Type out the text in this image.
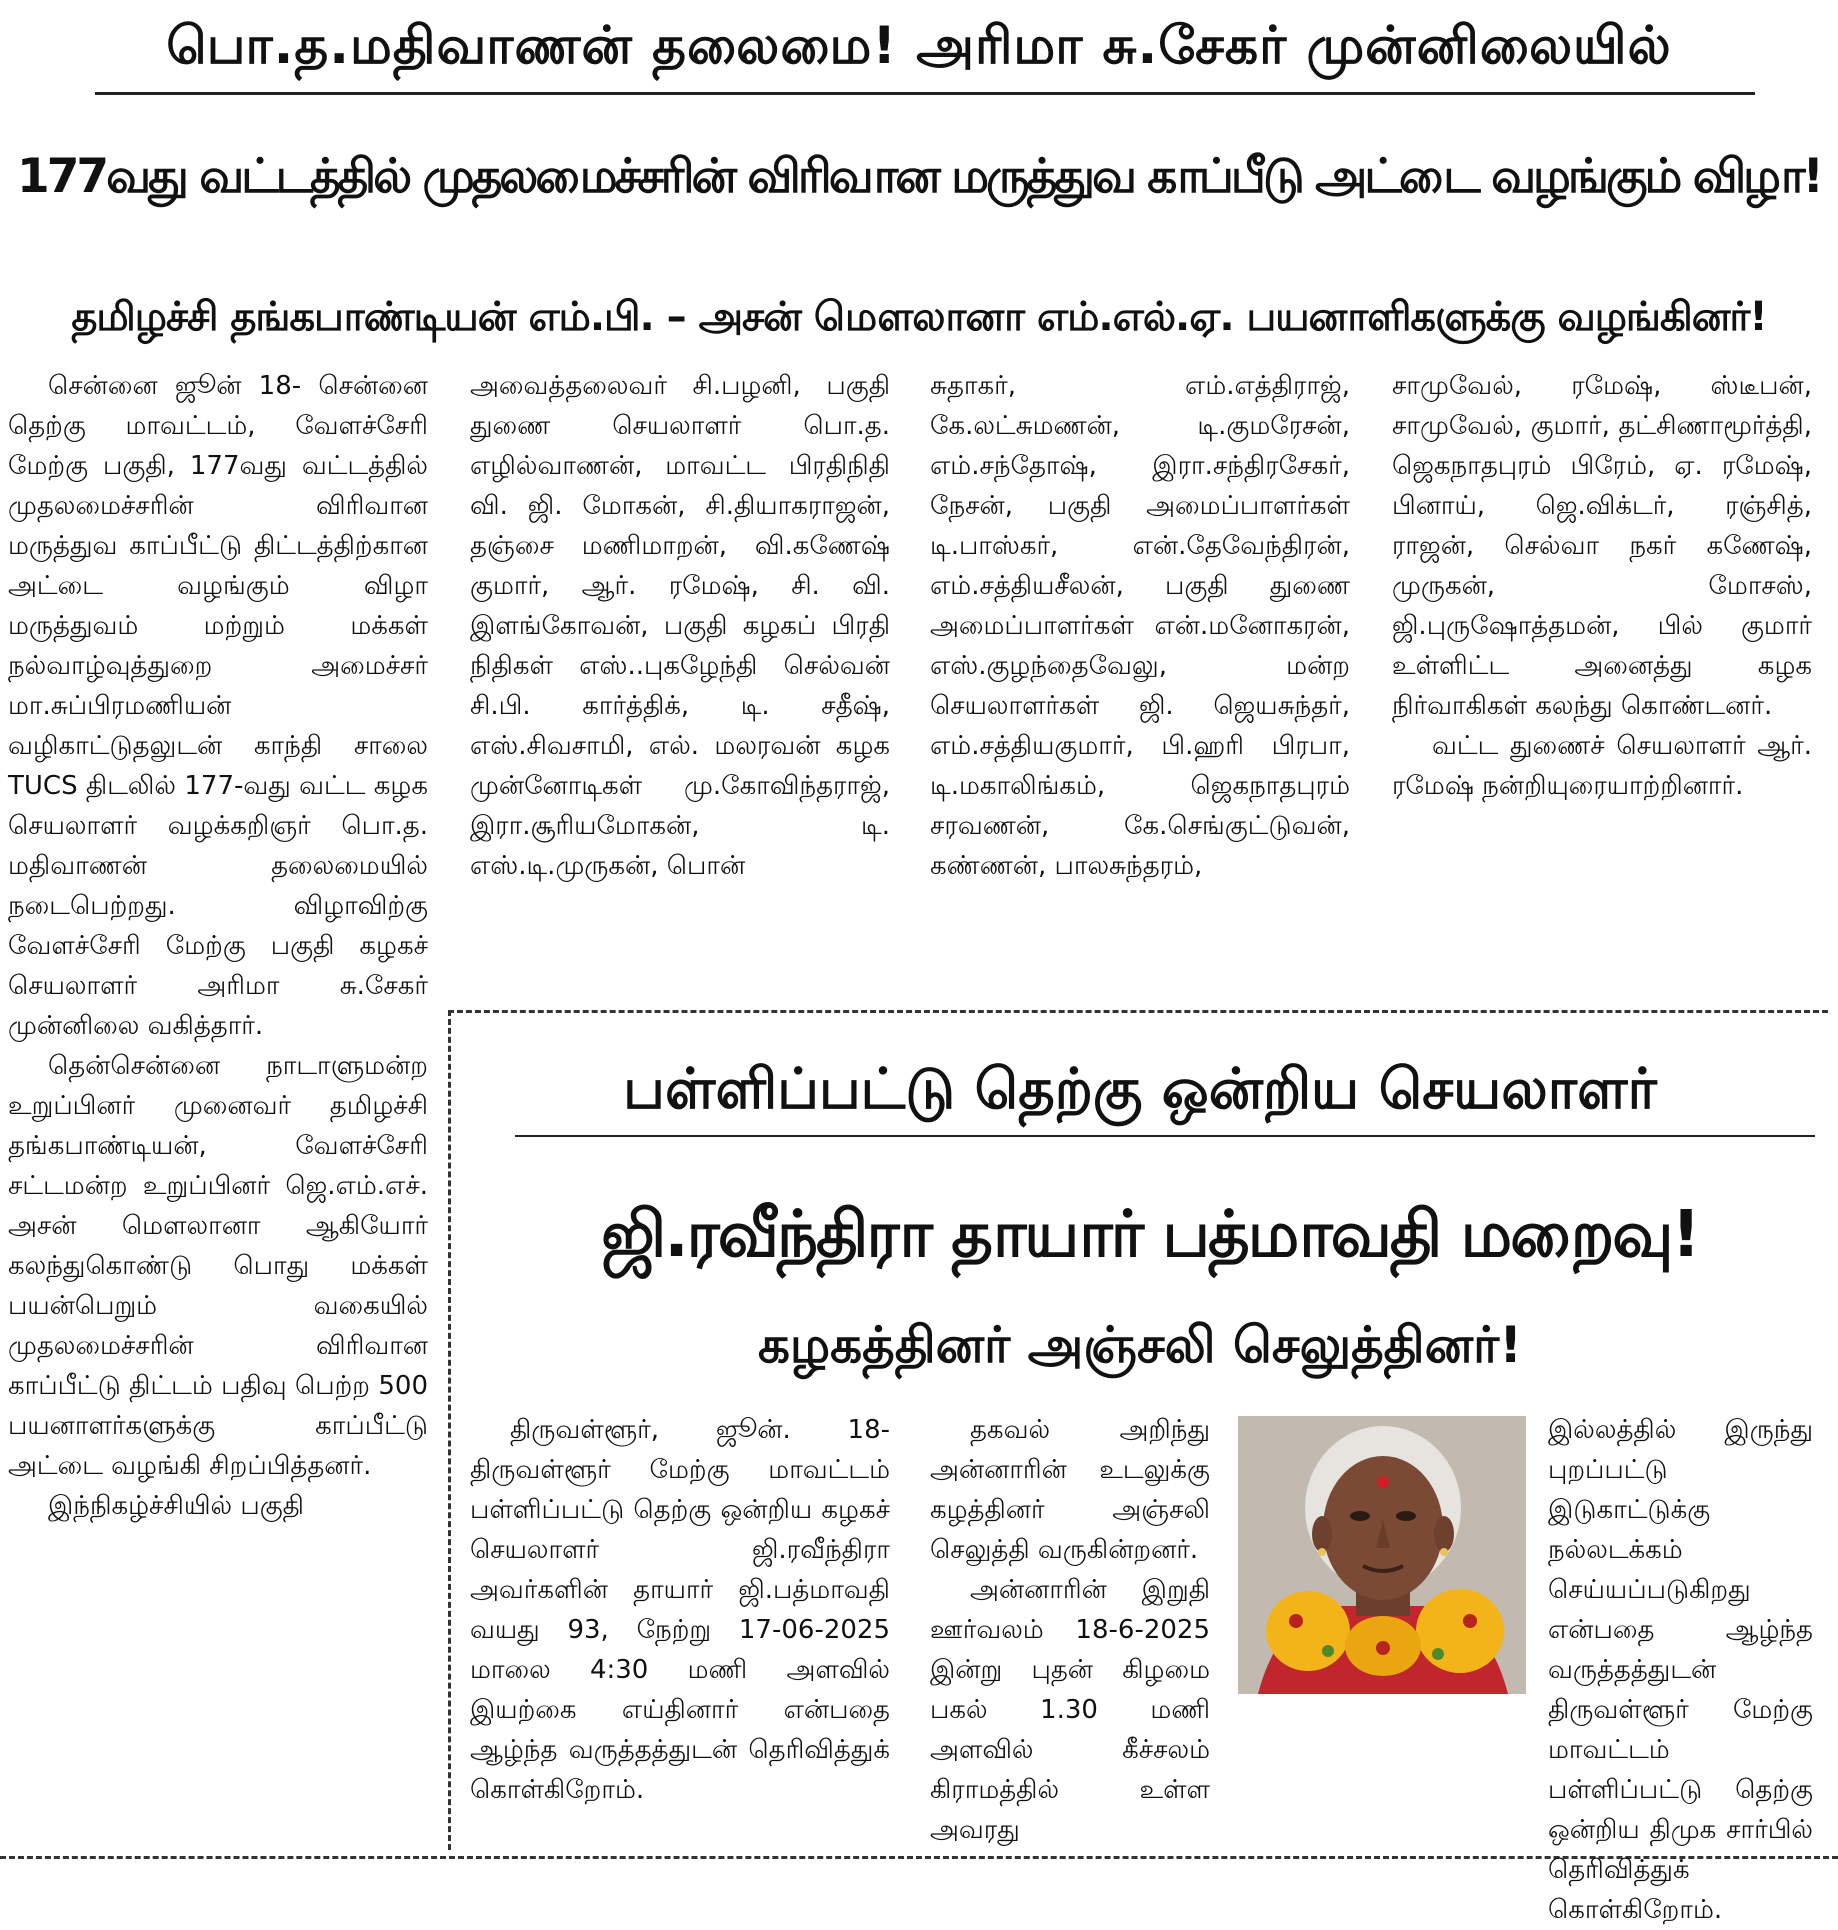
பொ.த.மதிவாணன் தலைமை! அரிமா சு.சேகர் முன்னிலையில்
177வது வட்டத்தில் முதலமைச்சரின் விரிவான மருத்துவ காப்பீடு அட்டை வழங்கும் விழா!
தமிழச்சி தங்கபாண்டியன் எம்.பி. – அசன் மௌலானா எம்.எல்.ஏ. பயனாளிகளுக்கு வழங்கினர்!

சென்னை ஜூன் 18- சென்னை தெற்கு மாவட்டம், வேளச்சேரி மேற்கு பகுதி, 177வது வட்டத்தில் முதலமைச்சரின் விரிவான மருத்துவ காப்பீட்டு திட்டத்திற்கான அட்டை வழங்கும் விழா மருத்துவம் மற்றும் மக்கள் நல்வாழ்வுத்துறை அமைச்சர் மா.சுப்பிரமணியன் வழிகாட்டுதலுடன் காந்தி சாலை TUCS திடலில் 177-வது வட்ட கழக செயலாளர் வழக்கறிஞர் பொ.த. மதிவாணன் தலைமையில் நடைபெற்றது. விழாவிற்கு வேளச்சேரி மேற்கு பகுதி கழகச் செயலாளர் அரிமா சு.சேகர் முன்னிலை வகித்தார்.

தென்சென்னை நாடாளுமன்ற உறுப்பினர் முனைவர் தமிழச்சி தங்கபாண்டியன், வேளச்சேரி சட்டமன்ற உறுப்பினர் ஜெ.எம்.எச். அசன் மௌலானா ஆகியோர் கலந்துகொண்டு பொது மக்கள் பயன்பெறும் வகையில் முதலமைச்சரின் விரிவான காப்பீட்டு திட்டம் பதிவு பெற்ற 500 பயனாளர்களுக்கு காப்பீட்டு அட்டை வழங்கி சிறப்பித்தனர்.

இந்நிகழ்ச்சியில் பகுதி

அவைத்தலைவர் சி.பழனி, பகுதி துணை செயலாளர் பொ.த. எழில்வாணன், மாவட்ட பிரதிநிதி வி. ஜி. மோகன், சி.தியாகராஜன், தஞ்சை மணிமாறன், வி.கணேஷ் குமார், ஆர். ரமேஷ், சி. வி. இளங்கோவன், பகுதி கழகப் பிரதி நிதிகள் எஸ்..புகழேந்தி செல்வன் சி.பி. கார்த்திக், டி. சதீஷ், எஸ்.சிவசாமி, எல். மலரவன் கழக முன்னோடிகள் மு.கோவிந்தராஜ், இரா.சூரியமோகன், டி. எஸ்.டி.முருகன், பொன்

சுதாகர், எம்.எத்திராஜ், கே.லட்சுமணன், டி.குமரேசன், எம்.சந்தோஷ், இரா.சந்திரசேகர், நேசன், பகுதி அமைப்பாளர்கள் டி.பாஸ்கர், என்.தேவேந்திரன், எம்.சத்தியசீலன், பகுதி துணை அமைப்பாளர்கள் என்.மனோகரன், எஸ்.குழந்தைவேலு, மன்ற செயலாளர்கள் ஜி. ஜெயசுந்தர், எம்.சத்தியகுமார், பி.ஹரி பிரபா, டி.மகாலிங்கம், ஜெகநாதபுரம் சரவணன், கே.செங்குட்டுவன், கண்ணன், பாலசுந்தரம்,

சாமுவேல், ரமேஷ், ஸ்டீபன், சாமுவேல், குமார், தட்சிணாமூர்த்தி, ஜெகநாதபுரம் பிரேம், ஏ. ரமேஷ், பினாய், ஜெ.விக்டர், ரஞ்சித், ராஜன், செல்வா நகர் கணேஷ், முருகன், மோசஸ், ஜி.புருஷோத்தமன், பில் குமார் உள்ளிட்ட அனைத்து கழக நிர்வாகிகள் கலந்து கொண்டனர்.

வட்ட துணைச் செயலாளர் ஆர். ரமேஷ் நன்றியுரையாற்றினார்.

பள்ளிப்பட்டு தெற்கு ஒன்றிய செயலாளர்
ஜி.ரவீந்திரா தாயார் பத்மாவதி மறைவு!
கழகத்தினர் அஞ்சலி செலுத்தினர்!

திருவள்ளூர், ஜூன். 18- திருவள்ளூர் மேற்கு மாவட்டம் பள்ளிப்பட்டு தெற்கு ஒன்றிய கழகச் செயலாளர் ஜி.ரவீந்திரா அவர்களின் தாயார் ஜி.பத்மாவதி வயது 93, நேற்று 17-06-2025 மாலை 4:30 மணி அளவில் இயற்கை எய்தினார் என்பதை ஆழ்ந்த வருத்தத்துடன் தெரிவித்துக் கொள்கிறோம்.

தகவல் அறிந்து அன்னாரின் உடலுக்கு கழத்தினர் அஞ்சலி செலுத்தி வருகின்றனர்.

அன்னாரின் இறுதி ஊர்வலம் 18-6-2025 இன்று புதன் கிழமை பகல் 1.30 மணி அளவில் கீச்சலம் கிராமத்தில் உள்ள அவரது

இல்லத்தில் இருந்து புறப்பட்டு இடுகாட்டுக்கு நல்லடக்கம் செய்யப்படுகிறது என்பதை ஆழ்ந்த வருத்தத்துடன் திருவள்ளூர் மேற்கு மாவட்டம் பள்ளிப்பட்டு தெற்கு ஒன்றிய திமுக சார்பில் தெரிவித்துக் கொள்கிறோம்.
